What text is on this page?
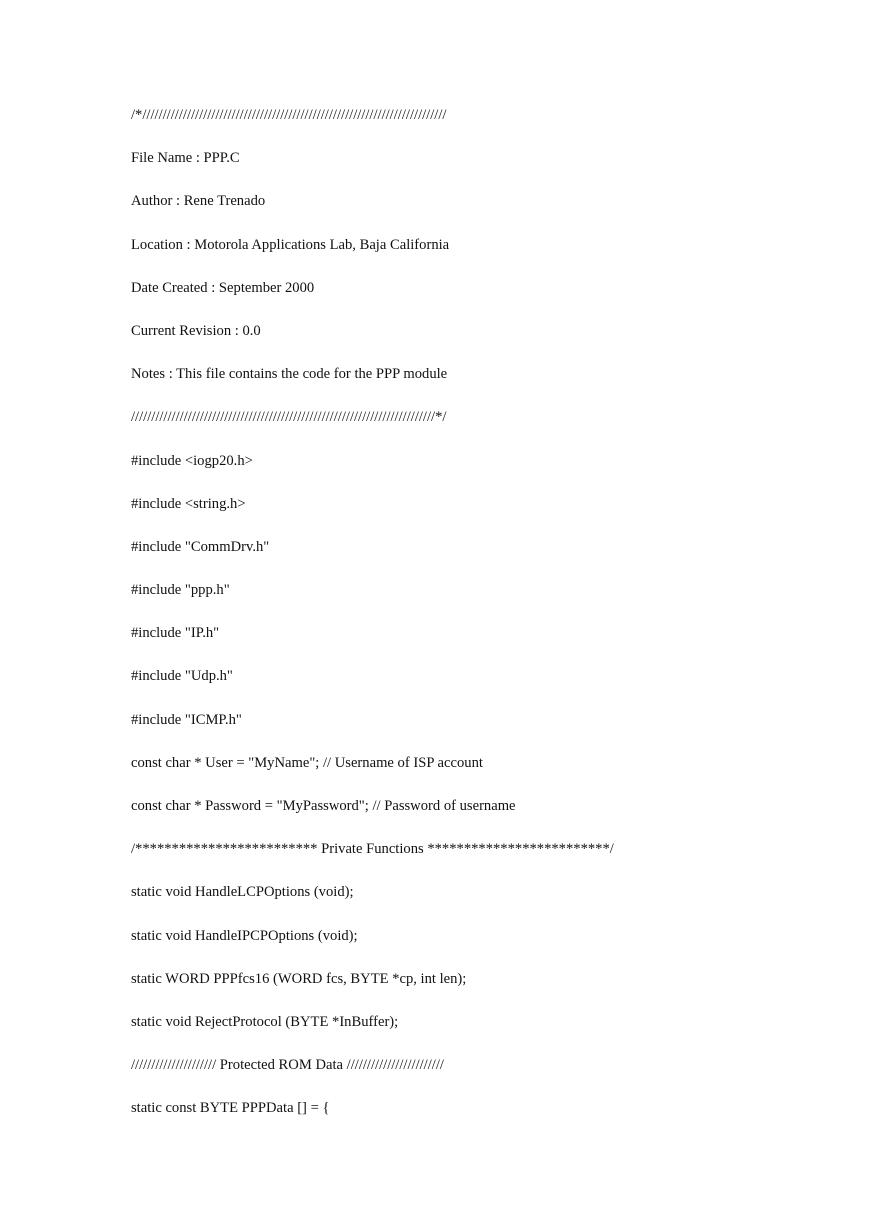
/*///////////////////////////////////////////////////////////////////////////
File Name : PPP.C
Author : Rene Trenado
Location : Motorola Applications Lab, Baja California
Date Created : September 2000
Current Revision : 0.0
Notes : This file contains the code for the PPP module
///////////////////////////////////////////////////////////////////////////*/
#include <iogp20.h>
#include <string.h>
#include "CommDrv.h"
#include "ppp.h"
#include "IP.h"
#include "Udp.h"
#include "ICMP.h"
const char * User = "MyName"; // Username of ISP account
const char * Password = "MyPassword"; // Password of username
/************************* Private Functions *************************/
static void HandleLCPOptions (void);
static void HandleIPCPOptions (void);
static WORD PPPfcs16 (WORD fcs, BYTE *cp, int len);
static void RejectProtocol (BYTE *InBuffer);
///////////////////// Protected ROM Data ////////////////////////
static const BYTE PPPData [] = {
